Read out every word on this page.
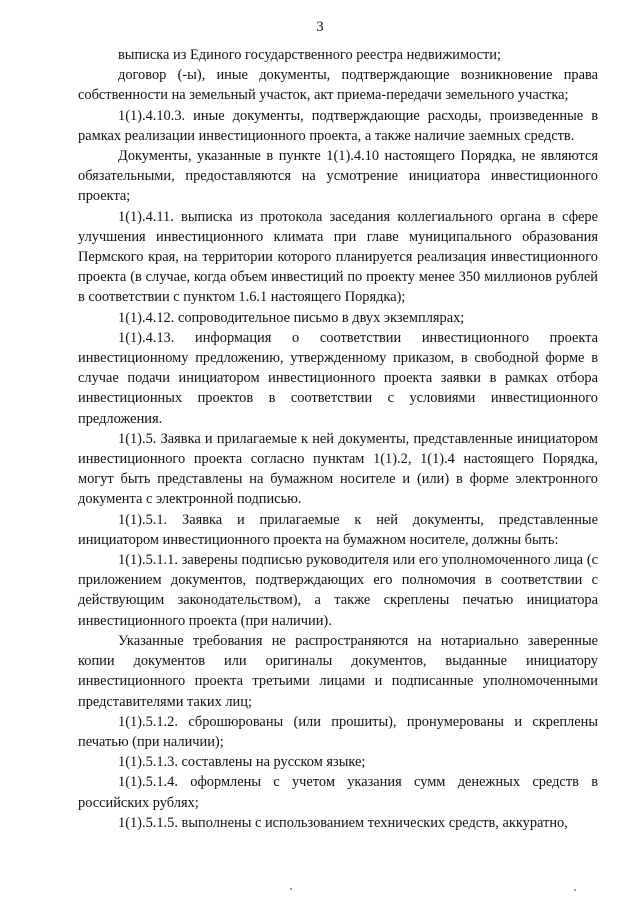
3

выписка из Единого государственного реестра недвижимости;

договор (-ы), иные документы, подтверждающие возникновение права собственности на земельный участок, акт приема-передачи земельного участка;

1(1).4.10.3. иные документы, подтверждающие расходы, произведенные в рамках реализации инвестиционного проекта, а также наличие заемных средств.

Документы, указанные в пункте 1(1).4.10 настоящего Порядка, не являются обязательными, предоставляются на усмотрение инициатора инвестиционного проекта;

1(1).4.11. выписка из протокола заседания коллегиального органа в сфере улучшения инвестиционного климата при главе муниципального образования Пермского края, на территории которого планируется реализация инвестиционного проекта (в случае, когда объем инвестиций по проекту менее 350 миллионов рублей в соответствии с пунктом 1.6.1 настоящего Порядка);

1(1).4.12. сопроводительное письмо в двух экземплярах;

1(1).4.13. информация о соответствии инвестиционного проекта инвестиционному предложению, утвержденному приказом, в свободной форме в случае подачи инициатором инвестиционного проекта заявки в рамках отбора инвестиционных проектов в соответствии с условиями инвестиционного предложения.

1(1).5. Заявка и прилагаемые к ней документы, представленные инициатором инвестиционного проекта согласно пунктам 1(1).2, 1(1).4 настоящего Порядка, могут быть представлены на бумажном носителе и (или) в форме электронного документа с электронной подписью.

1(1).5.1. Заявка и прилагаемые к ней документы, представленные инициатором инвестиционного проекта на бумажном носителе, должны быть:

1(1).5.1.1. заверены подписью руководителя или его уполномоченного лица (с приложением документов, подтверждающих его полномочия в соответствии с действующим законодательством), а также скреплены печатью инициатора инвестиционного проекта (при наличии).

Указанные требования не распространяются на нотариально заверенные копии документов или оригиналы документов, выданные инициатору инвестиционного проекта третьими лицами и подписанные уполномоченными представителями таких лиц;

1(1).5.1.2. сброшюрованы (или прошиты), пронумерованы и скреплены печатью (при наличии);

1(1).5.1.3. составлены на русском языке;

1(1).5.1.4. оформлены с учетом указания сумм денежных средств в российских рублях;

1(1).5.1.5. выполнены с использованием технических средств, аккуратно,
